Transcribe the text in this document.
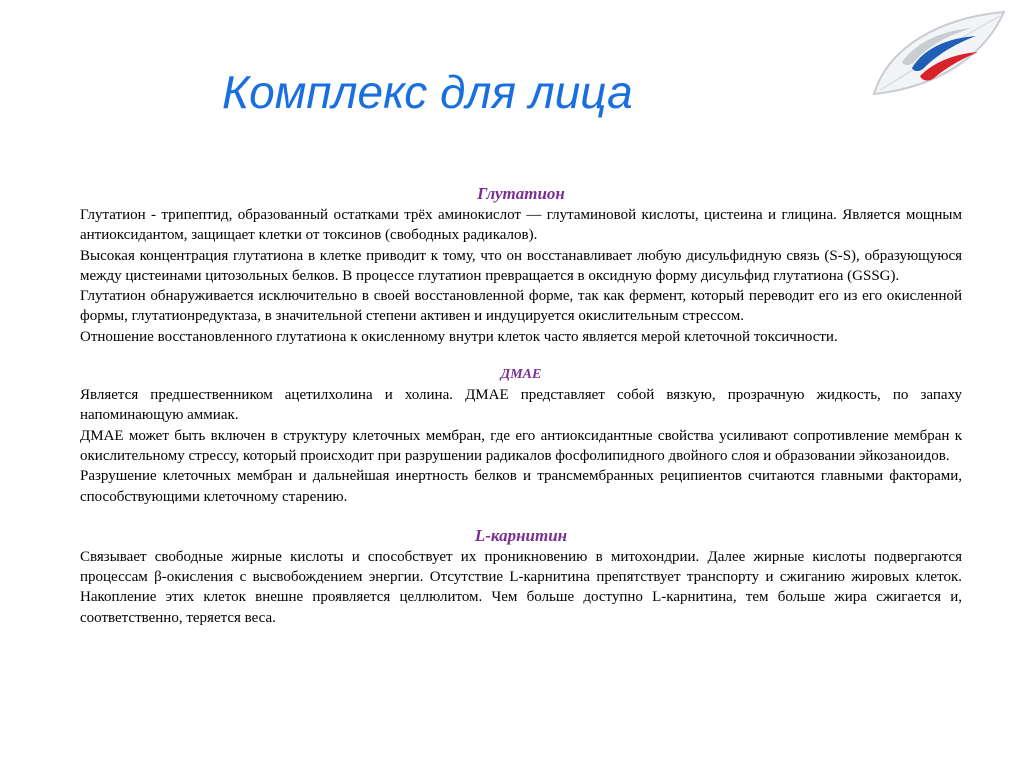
Комплекс для лица
Глутатион

Глутатион - трипептид, образованный остатками трёх аминокислот — глутаминовой кислоты, цистеина и глицина. Является мощным антиоксидантом, защищает клетки от токсинов (свободных радикалов).

Высокая концентрация глутатиона в клетке приводит к тому, что он восстанавливает любую дисульфидную связь (S-S), образующуюся между цистеинами цитозольных белков. В процессе глутатион превращается в оксидную форму дисульфид глутатиона (GSSG).

Глутатион обнаруживается исключительно в своей восстановленной форме, так как фермент, который переводит его из его окисленной формы, глутатионредуктаза, в значительной степени активен и индуцируется окислительным стрессом.

Отношение восстановленного глутатиона к окисленному внутри клеток часто является мерой клеточной токсичности.

ДМАЕ

Является предшественником ацетилхолина и холина. ДМАЕ представляет собой вязкую, прозрачную жидкость, по запаху напоминающую аммиак.

ДМАЕ может быть включен в структуру клеточных мембран, где его антиоксидантные свойства усиливают сопротивление мембран к окислительному стрессу, который происходит при разрушении радикалов фосфолипидного двойного слоя и образовании эйкозаноидов.

Разрушение клеточных мембран и дальнейшая инертность белков и трансмембранных реципиентов считаются главными факторами, способствующими клеточному старению.

L-карнитин

Связывает свободные жирные кислоты и способствует их проникновению в митохондрии. Далее жирные кислоты подвергаются процессам β-окисления с высвобождением энергии. Отсутствие L-карнитина препятствует транспорту и сжиганию жировых клеток. Накопление этих клеток внешне проявляется целлюлитом. Чем больше доступно L-карнитина, тем больше жира сжигается и, соответственно, теряется веса.
